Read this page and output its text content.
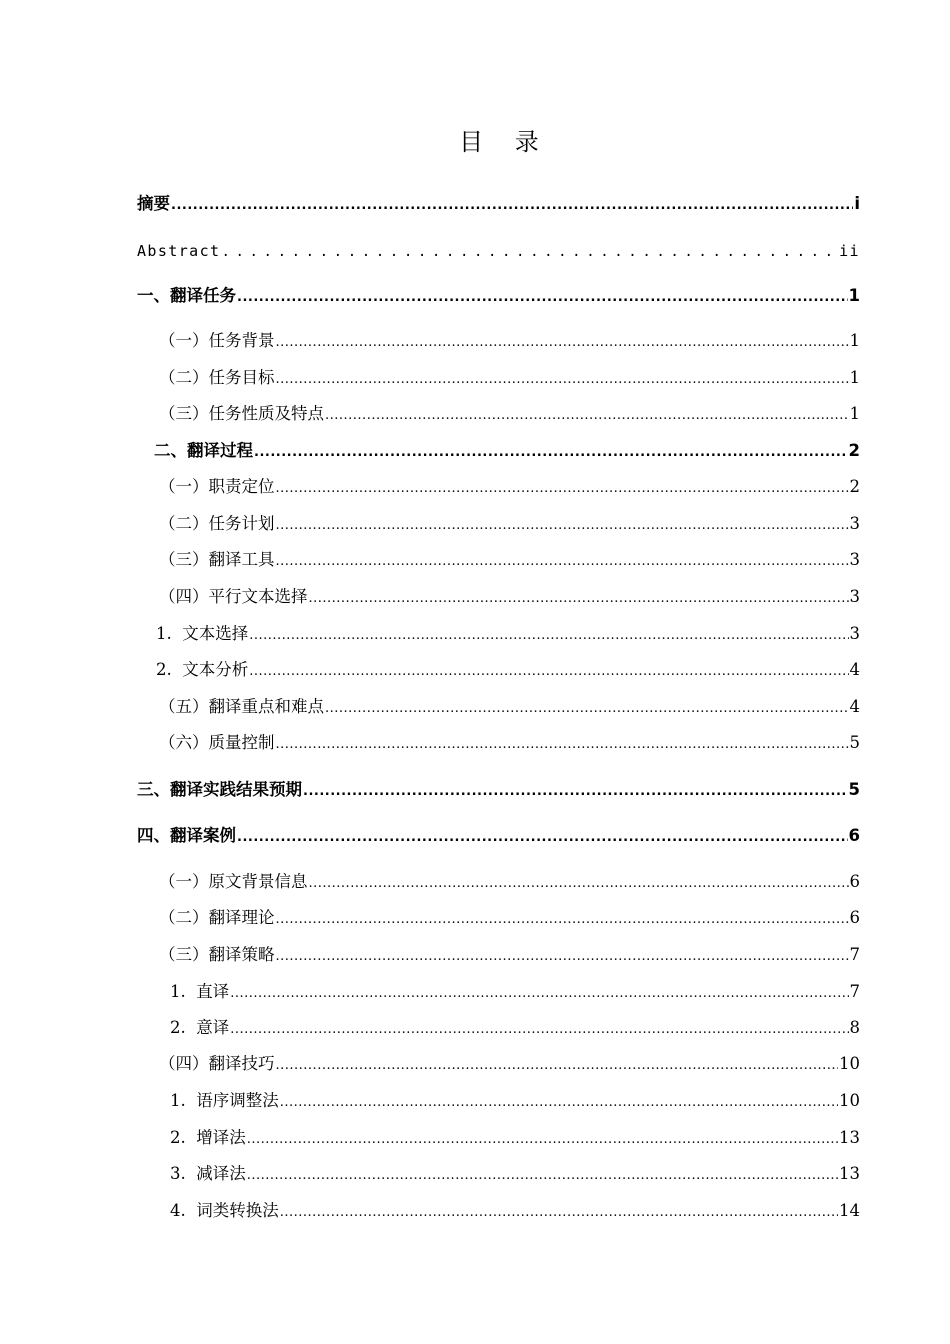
目 录
摘要 .....	i
Abstract .....	ii
一、翻译任务 .....	1
（一）任务背景 .....	1
（二）任务目标 .....	1
（三）任务性质及特点 .....	1
二、翻译过程 .....	2
（一）职责定位 .....	2
（二）任务计划 .....	3
（三）翻译工具 .....	3
（四）平行文本选择 .....	3
1.  文本选择 .....	3
2.  文本分析 .....	4
（五）翻译重点和难点 .....	4
（六）质量控制 .....	5
三、翻译实践结果预期 .....	5
四、翻译案例 .....	6
（一）原文背景信息 .....	6
（二）翻译理论 .....	6
（三）翻译策略 .....	7
1.  直译 .....	7
2.  意译 .....	8
（四）翻译技巧 .....	10
1.  语序调整法 .....	10
2.  增译法 .....	13
3.  减译法 .....	13
4.  词类转换法 .....	14
